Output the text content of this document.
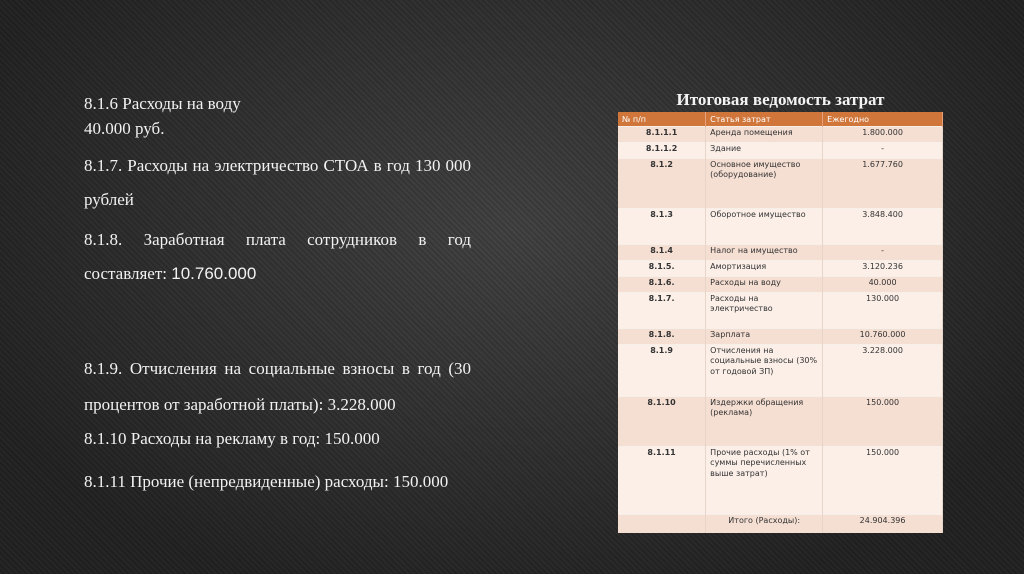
8.1.6 Расходы на воду
40.000 руб.

8.1.7. Расходы на электричество СТОА в год 130 000 рублей

8.1.8. Заработная плата сотрудников в год составляет: 10.760.000

8.1.9. Отчисления на социальные взносы в год (30 процентов от заработной платы): 3.228.000

8.1.10 Расходы на рекламу в год: 150.000

8.1.11 Прочие (непредвиденные) расходы: 150.000

Итоговая ведомость затрат
№ п/п	Статья затрат	Ежегодно
8.1.1.1	Аренда помещения	1.800.000
8.1.1.2	Здание	-
8.1.2	Основное имущество (оборудование)	1.677.760
8.1.3	Оборотное имущество	3.848.400
8.1.4	Налог на имущество	-
8.1.5.	Амортизация	3.120.236
8.1.6.	Расходы на воду	40.000
8.1.7.	Расходы на электричество	130.000
8.1.8.	Зарплата	10.760.000
8.1.9	Отчисления на социальные взносы (30% от годовой ЗП)	3.228.000
8.1.10	Издержки обращения (реклама)	150.000
8.1.11	Прочие расходы (1% от суммы перечисленных выше затрат)	150.000
	Итого (Расходы):	24.904.396
